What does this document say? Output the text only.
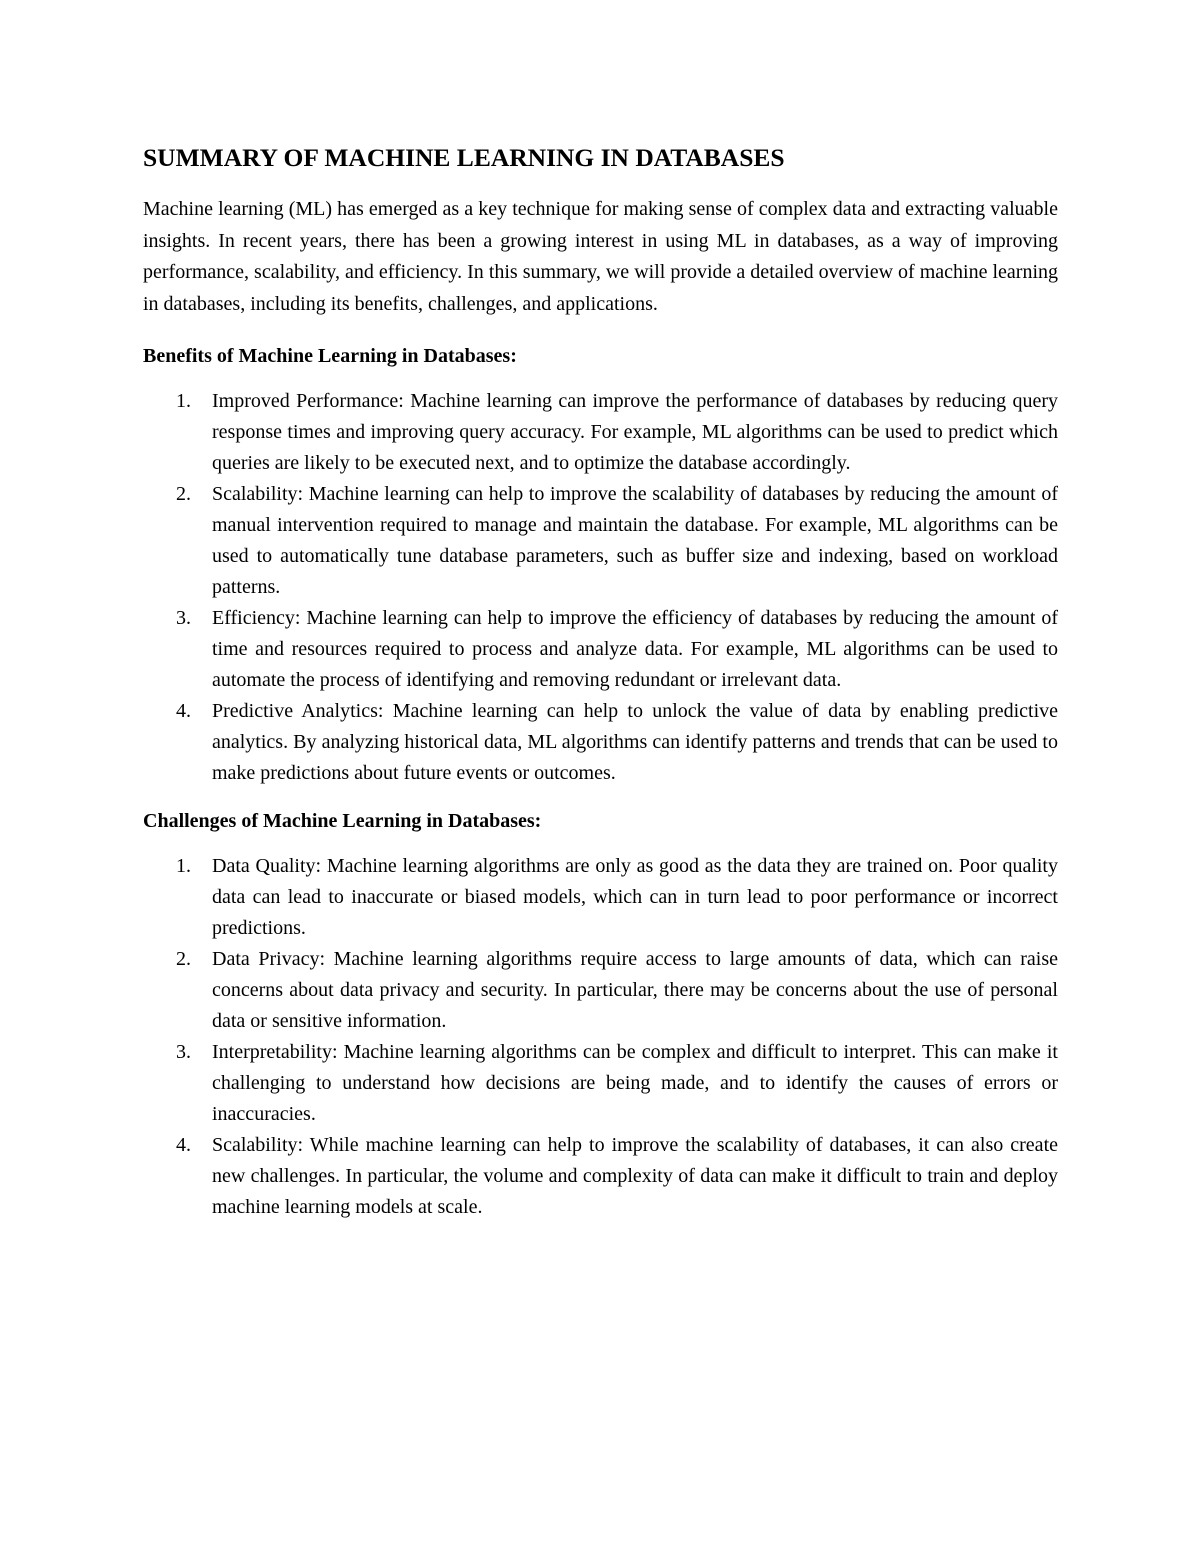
SUMMARY OF MACHINE LEARNING IN DATABASES

Machine learning (ML) has emerged as a key technique for making sense of complex data and extracting valuable insights. In recent years, there has been a growing interest in using ML in databases, as a way of improving performance, scalability, and efficiency. In this summary, we will provide a detailed overview of machine learning in databases, including its benefits, challenges, and applications.

Benefits of Machine Learning in Databases:
1. Improved Performance: Machine learning can improve the performance of databases by reducing query response times and improving query accuracy. For example, ML algorithms can be used to predict which queries are likely to be executed next, and to optimize the database accordingly.
2. Scalability: Machine learning can help to improve the scalability of databases by reducing the amount of manual intervention required to manage and maintain the database. For example, ML algorithms can be used to automatically tune database parameters, such as buffer size and indexing, based on workload patterns.
3. Efficiency: Machine learning can help to improve the efficiency of databases by reducing the amount of time and resources required to process and analyze data. For example, ML algorithms can be used to automate the process of identifying and removing redundant or irrelevant data.
4. Predictive Analytics: Machine learning can help to unlock the value of data by enabling predictive analytics. By analyzing historical data, ML algorithms can identify patterns and trends that can be used to make predictions about future events or outcomes.
Challenges of Machine Learning in Databases:
1. Data Quality: Machine learning algorithms are only as good as the data they are trained on. Poor quality data can lead to inaccurate or biased models, which can in turn lead to poor performance or incorrect predictions.
2. Data Privacy: Machine learning algorithms require access to large amounts of data, which can raise concerns about data privacy and security. In particular, there may be concerns about the use of personal data or sensitive information.
3. Interpretability: Machine learning algorithms can be complex and difficult to interpret. This can make it challenging to understand how decisions are being made, and to identify the causes of errors or inaccuracies.
4. Scalability: While machine learning can help to improve the scalability of databases, it can also create new challenges. In particular, the volume and complexity of data can make it difficult to train and deploy machine learning models at scale.
